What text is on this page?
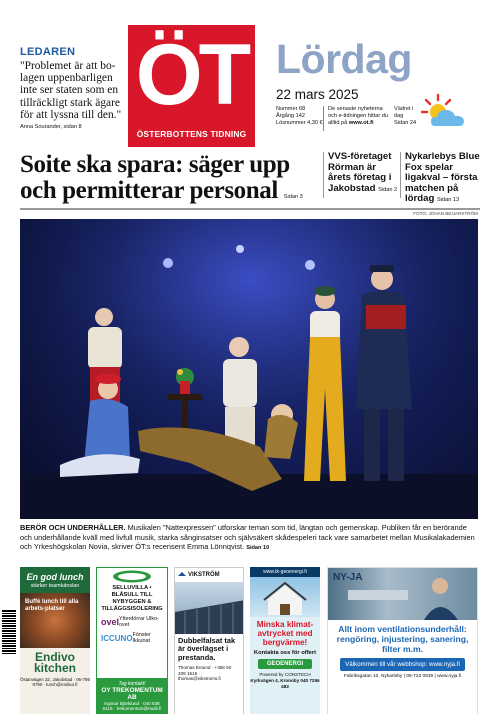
LEDAREN
"Problemet är att bo-lagen uppenbarligen inte ser staten som en tillräckligt stark ägare för att lyssna till den."
Anna Sourander, sidan 8
ÖT
ÖSTERBOTTENS TIDNING
Lördag
22 mars 2025
Nummer 68
Årgång 142
Lösnummer 4,30 €
De senaste nyheterna och e-tidningen hittar du alltid på www.ot.fi
Vädret i dag
Sidan 24
Soite ska spara: säger upp och permitterar personal Sidan 3
VVS-företaget Rörman är årets företag i Jakobstad Sidan 2
Nykarlebys Blue Fox spelar ligakval – första matchen på lördag Sidan 13
FOTO: JOHAN BEIJARSTRÖM
BERÖR OCH UNDERHÅLLER. Musikalen "Nattexpressen" utforskar teman som tid, längtan och gemenskap. Publiken får en berörande och underhållande kväll med livfull musik, starka sånginsatser och självsäkert skådespeleri tack vare samarbetet mellan Musikalakademien och Yrkeshögskolan Novia, skriver ÖT:s recensent Emma Lönnqvist. Sidan 10
En god lunch
stärker teamkänslan
Buffé lunch till alla arbets-platser
Endivo
kitchen
Östanvägen 32, Jakobstad · 06-786 8790 · lunch@endivo.fi
SELLUVILLA • BLÅSULL TILL NYBYGGEN & TILLÄGGSISOLERING
ovel Ytterdörrar Ulko-ovet
ICCUNO Fönster Ikkunat
Tag kontakt!
OY TREKOMENTUM AB
Ingmar Björklund · 040 838 6115 · trekomentum@multi.fi
VIKSTRÖM
Dubbelfalsat tak är överlägset i prestanda.
Thomas Entund · +358 50 339 1516 · thomas@vikstroms.fi
www.tk-geoenergi.fi
Minska klimat-avtrycket med bergvärme!
Kontakta oss för offert
GEOENERGI
Powered by CONSTECH
Kyrkvägen 4, Kronoby 040 7256 483
NY-JA
Allt inom ventilationsunderhåll: rengöring, injustering, sanering, filter m.m.
Välkommen till vår webbshop: www.nyja.fi
Fabriksgatan 10, Nykarleby | 06-723 0839 | www.nyja.fi
